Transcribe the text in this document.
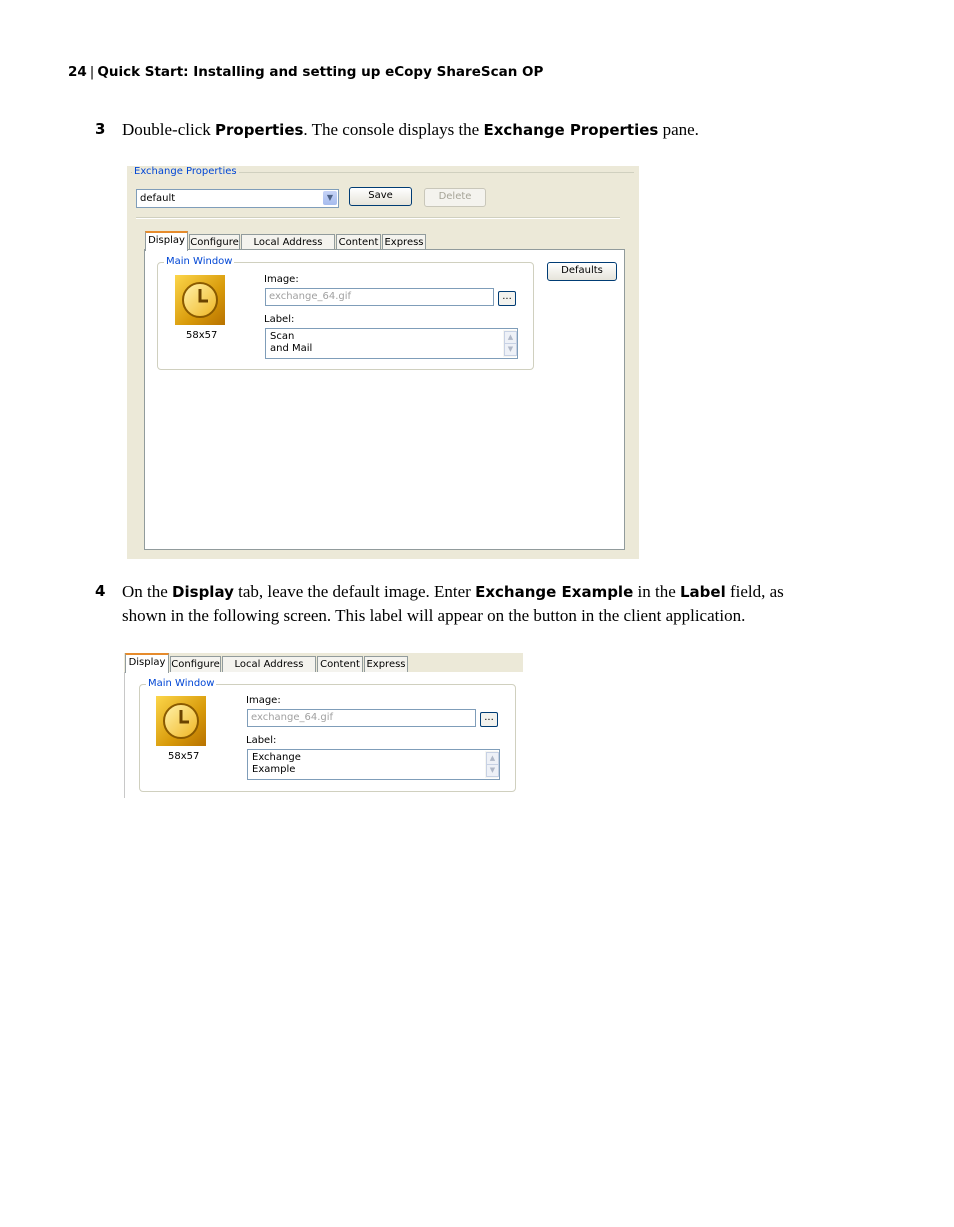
24 | Quick Start: Installing and setting up eCopy ShareScan OP
3 Double-click Properties. The console displays the Exchange Properties pane.
Exchange Properties
default	▼	Save	Delete
Display Configure	Local Address	Content Express
Main Window
58x57
Image:
exchange_64.gif	...
Label:
Scan
and Mail
▲
▼
Defaults
4 On the Display tab, leave the default image. Enter Exchange Example in the Label field, as
shown in the following screen. This label will appear on the button in the client application.
Display Configure	Local Address	Content Express
Main Window
58x57
Image:
exchange_64.gif	...
Label:
Exchange
Example
▲
▼
